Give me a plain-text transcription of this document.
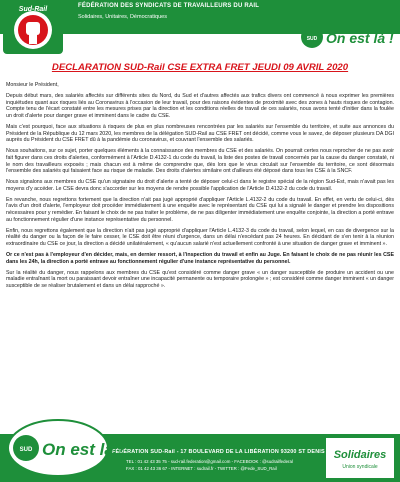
FÉDÉRATION DES SYNDICATS DE TRAVAILLEURS DU RAIL
Solidaires, Unitaires, Démocratiques
Sud-Rail
SUD On est là !
DECLARATION SUD-Rail CSE EXTRA FRET JEUDI 09 AVRIL 2020

Monsieur le Président,

Depuis début mars, des salariés affectés sur différents sites du Nord, du Sud et d'autres affectés aux trafics divers ont commencé à nous exprimer les premières inquiétudes quant aux risques liés au Coronavirus à l'occasion de leur travail, pour des raisons évidentes de proximité avec des zones à hauts risques de contagion. Compte tenu de l'écart constaté entre les mesures prises par la direction et les conditions réelles de travail de ces salariés, nous avons tenté d'initier dans la foulée un droit d'alerte pour danger grave et imminent dans le cadre du CSE.

Mais c'est pourquoi, face aux situations à risques de plus en plus nombreuses rencontrées par les salariés sur l'ensemble du territoire, et suite aux annonces du Président de la République du 12 mars 2020, les membres de la délégation SUD-Rail au CSE FRET ont décidé, comme vous le savez, de déposer plusieurs DA DGI auprès du Président du CSE FRET dû à la pandémie du coronavirus, et couvrant l'ensemble des salariés.

Nous souhaitons, sur ce sujet, porter quelques éléments à la connaissance des membres du CSE et des salariés. On pourrait certes nous reprocher de ne pas avoir fait figurer dans ces droits d'alertes, conformément à l'Article D.4132-1 du code du travail, la liste des postes de travail concernés par la cause du danger constaté, ni le nom des travailleurs exposés ; mais chacun est à même de comprendre que, dès lors que le virus circulait sur l'ensemble du territoire, ce sont désormais l'ensemble des salariés qui faisaient face au risque de maladie. Des droits d'alertes similaire ont d'ailleurs été déposé dans tous les CSE à la SNCF.

Nous signalons aux membres du CSE qu'un signataire du droit d'alerte a tenté de déposer celui-ci dans le registre spécial de la région Sud-Est, mais n'avait pas les moyens d'y accéder. Le CSE devra donc s'accorder sur les moyens de rendre possible l'application de l'Article D.4132-2 du code du travail.

En revanche, nous regrettons fortement que la direction n'ait pas jugé approprié d'appliquer l'Article L.4132-2 du code du travail. En effet, en vertu de celui-ci, dès l'avis d'un droit d'alerte, l'employeur doit procéder immédiatement à une enquête avec le représentant du CSE qui lui a signalé le danger et prendre les dispositions nécessaires pour y remédier. En faisant le choix de ne pas traiter le problème, de ne pas diligenter immédiatement une enquête conjointe, la direction a porté entrave au fonctionnement régulier d'une instance représentative du personnel.

Enfin, nous regrettons également que la direction n'ait pas jugé approprié d'appliquer l'Article L.4132-3 du code du travail, selon lequel, en cas de divergence sur la réalité du danger ou la façon de le faire cesser, le CSE doit être réuni d'urgence, dans un délai n'excédant pas 24 heures. En décidant de s'en tenir à la réunion extraordinaire du CSE ce jour, la direction a décidé unilatéralement, « qu'aucun salarié n'est actuellement confronté à une situation de danger grave et imminent ».

Or ce n'est pas à l'employeur d'en décider, mais, en dernier ressort, à l'inspection du travail et enfin au Juge. En faisant le choix de ne pas réunir les CSE dans les 24h, la direction a porté entrave au fonctionnement régulier d'une instance représentative du personnel.

Sur la réalité du danger, nous rappelons aux membres du CSE qu'est considéré comme danger grave « un danger susceptible de produire un accident ou une maladie entraînant la mort ou paraissant devoir entraîner une incapacité permanente ou temporaire prolongée » ; est considéré comme danger imminent « un danger susceptible de se réaliser brutalement et dans un délai rapproché ».

FÉDÉRATION SUD-Rail - 17 BOULEVARD DE LA LIBÉRATION 93200 ST DENIS
TEL : 01 42 43 35 75 - sud-rail.federation@gmail.com - FACEBOOK : @sudrailfederal
FAX : 01 42 43 36 67 - INTERNET : sudrail.fr - TWITTER : @Fede_SUD_Rail
SUD On est là !	Solidaires
Union syndicale
